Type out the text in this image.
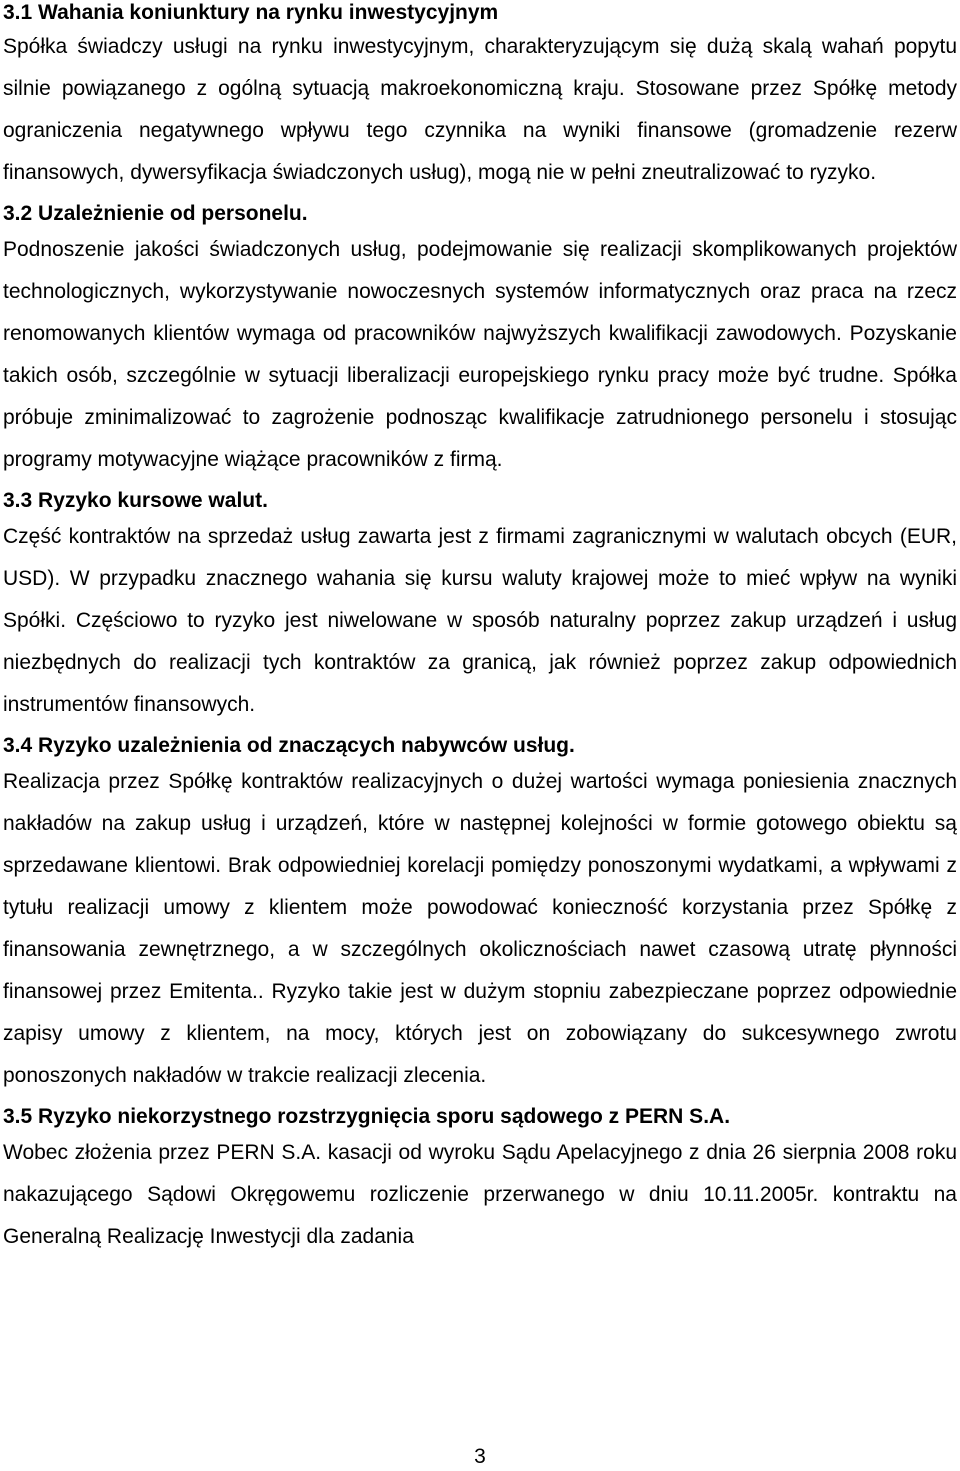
3.1 Wahania koniunktury na rynku inwestycyjnym

Spółka świadczy usługi na rynku inwestycyjnym, charakteryzującym się dużą skalą wahań popytu silnie powiązanego z ogólną sytuacją makroekonomiczną kraju. Stosowane przez Spółkę metody ograniczenia negatywnego wpływu tego czynnika na wyniki finansowe (gromadzenie rezerw finansowych, dywersyfikacja świadczonych usług), mogą nie w pełni zneutralizować to ryzyko.

3.2 Uzależnienie od personelu.

Podnoszenie jakości świadczonych usług, podejmowanie się realizacji skomplikowanych projektów technologicznych, wykorzystywanie nowoczesnych systemów informatycznych oraz praca na rzecz renomowanych klientów wymaga od pracowników najwyższych kwalifikacji zawodowych. Pozyskanie takich osób, szczególnie w sytuacji liberalizacji europejskiego rynku pracy może być trudne. Spółka próbuje zminimalizować to zagrożenie podnosząc kwalifikacje zatrudnionego personelu i stosując programy motywacyjne wiążące pracowników z firmą.

3.3 Ryzyko kursowe walut.

Część kontraktów na sprzedaż usług zawarta jest z firmami zagranicznymi w walutach obcych (EUR, USD). W przypadku znacznego wahania się kursu waluty krajowej może to mieć wpływ na wyniki Spółki. Częściowo to ryzyko jest niwelowane w sposób naturalny poprzez zakup urządzeń i usług niezbędnych do realizacji tych kontraktów za granicą, jak również poprzez zakup odpowiednich instrumentów finansowych.

3.4 Ryzyko uzależnienia od znaczących nabywców usług.

Realizacja przez Spółkę kontraktów realizacyjnych o dużej wartości wymaga poniesienia znacznych nakładów na zakup usług i urządzeń, które w następnej kolejności w formie gotowego obiektu są sprzedawane klientowi. Brak odpowiedniej korelacji pomiędzy ponoszonymi wydatkami, a wpływami z tytułu realizacji umowy z klientem może powodować konieczność korzystania przez Spółkę z finansowania zewnętrznego, a w szczególnych okolicznościach nawet czasową utratę płynności finansowej przez Emitenta.. Ryzyko takie jest w dużym stopniu zabezpieczane poprzez odpowiednie zapisy umowy z klientem, na mocy, których jest on zobowiązany do sukcesywnego zwrotu ponoszonych nakładów w trakcie realizacji zlecenia.

3.5 Ryzyko niekorzystnego rozstrzygnięcia sporu sądowego z PERN S.A.

Wobec złożenia przez PERN S.A. kasacji od wyroku Sądu Apelacyjnego z dnia 26 sierpnia 2008 roku nakazującego Sądowi Okręgowemu rozliczenie przerwanego w dniu 10.11.2005r. kontraktu na Generalną Realizację Inwestycji dla zadania

3
